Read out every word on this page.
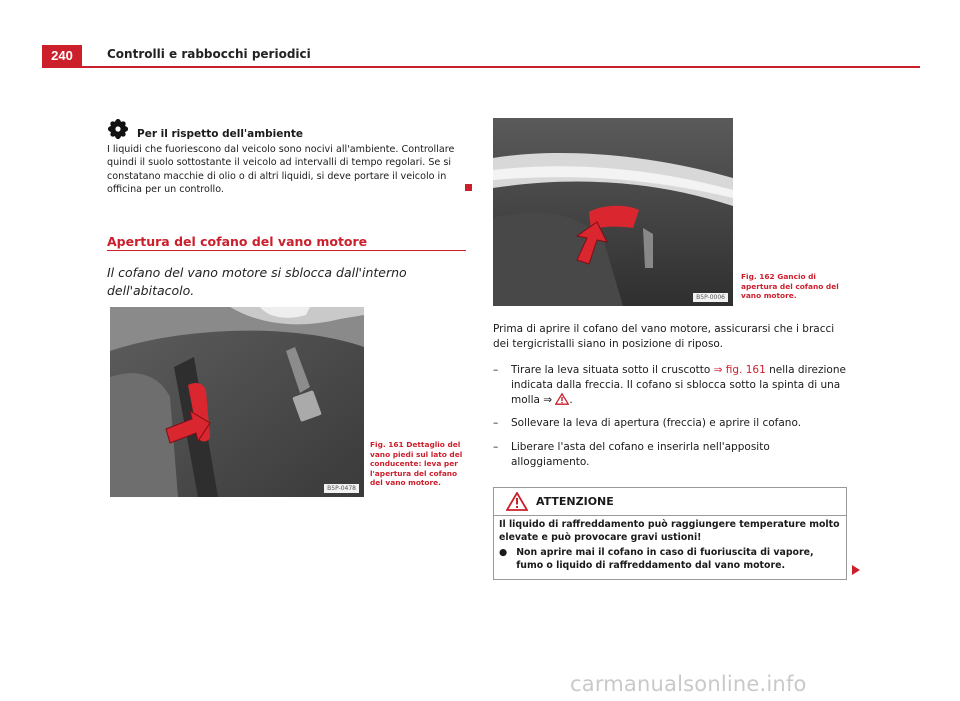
240	Controlli e rabbocchi periodici
Per il rispetto dell'ambiente

I liquidi che fuoriescono dal veicolo sono nocivi all'ambiente. Controllare quindi il suolo sottostante il veicolo ad intervalli di tempo regolari. Se si constatano macchie di olio o di altri liquidi, si deve portare il veicolo in officina per un controllo.

Apertura del cofano del vano motore
Il cofano del vano motore si sblocca dall'interno dell'abitacolo.
B5P-0478
Fig. 161 Dettaglio del vano piedi sul lato del conducente: leva per l'apertura del cofano del vano motore.
B5P-0006
Fig. 162 Gancio di apertura del cofano del vano motore.

Prima di aprire il cofano del vano motore, assicurarsi che i bracci dei tergicristalli siano in posizione di riposo.

– Tirare la leva situata sotto il cruscotto ⇒ fig. 161 nella direzione indicata dalla freccia. Il cofano si sblocca sotto la spinta di una molla ⇒ .
– Sollevare la leva di apertura (freccia) e aprire il cofano.
– Liberare l'asta del cofano e inserirla nell'apposito alloggiamento.
ATTENZIONE

Il liquido di raffreddamento può raggiungere temperature molto elevate e può provocare gravi ustioni!

● Non aprire mai il cofano in caso di fuoriuscita di vapore, fumo o liquido di raffreddamento dal vano motore.
carmanualsonline.info
